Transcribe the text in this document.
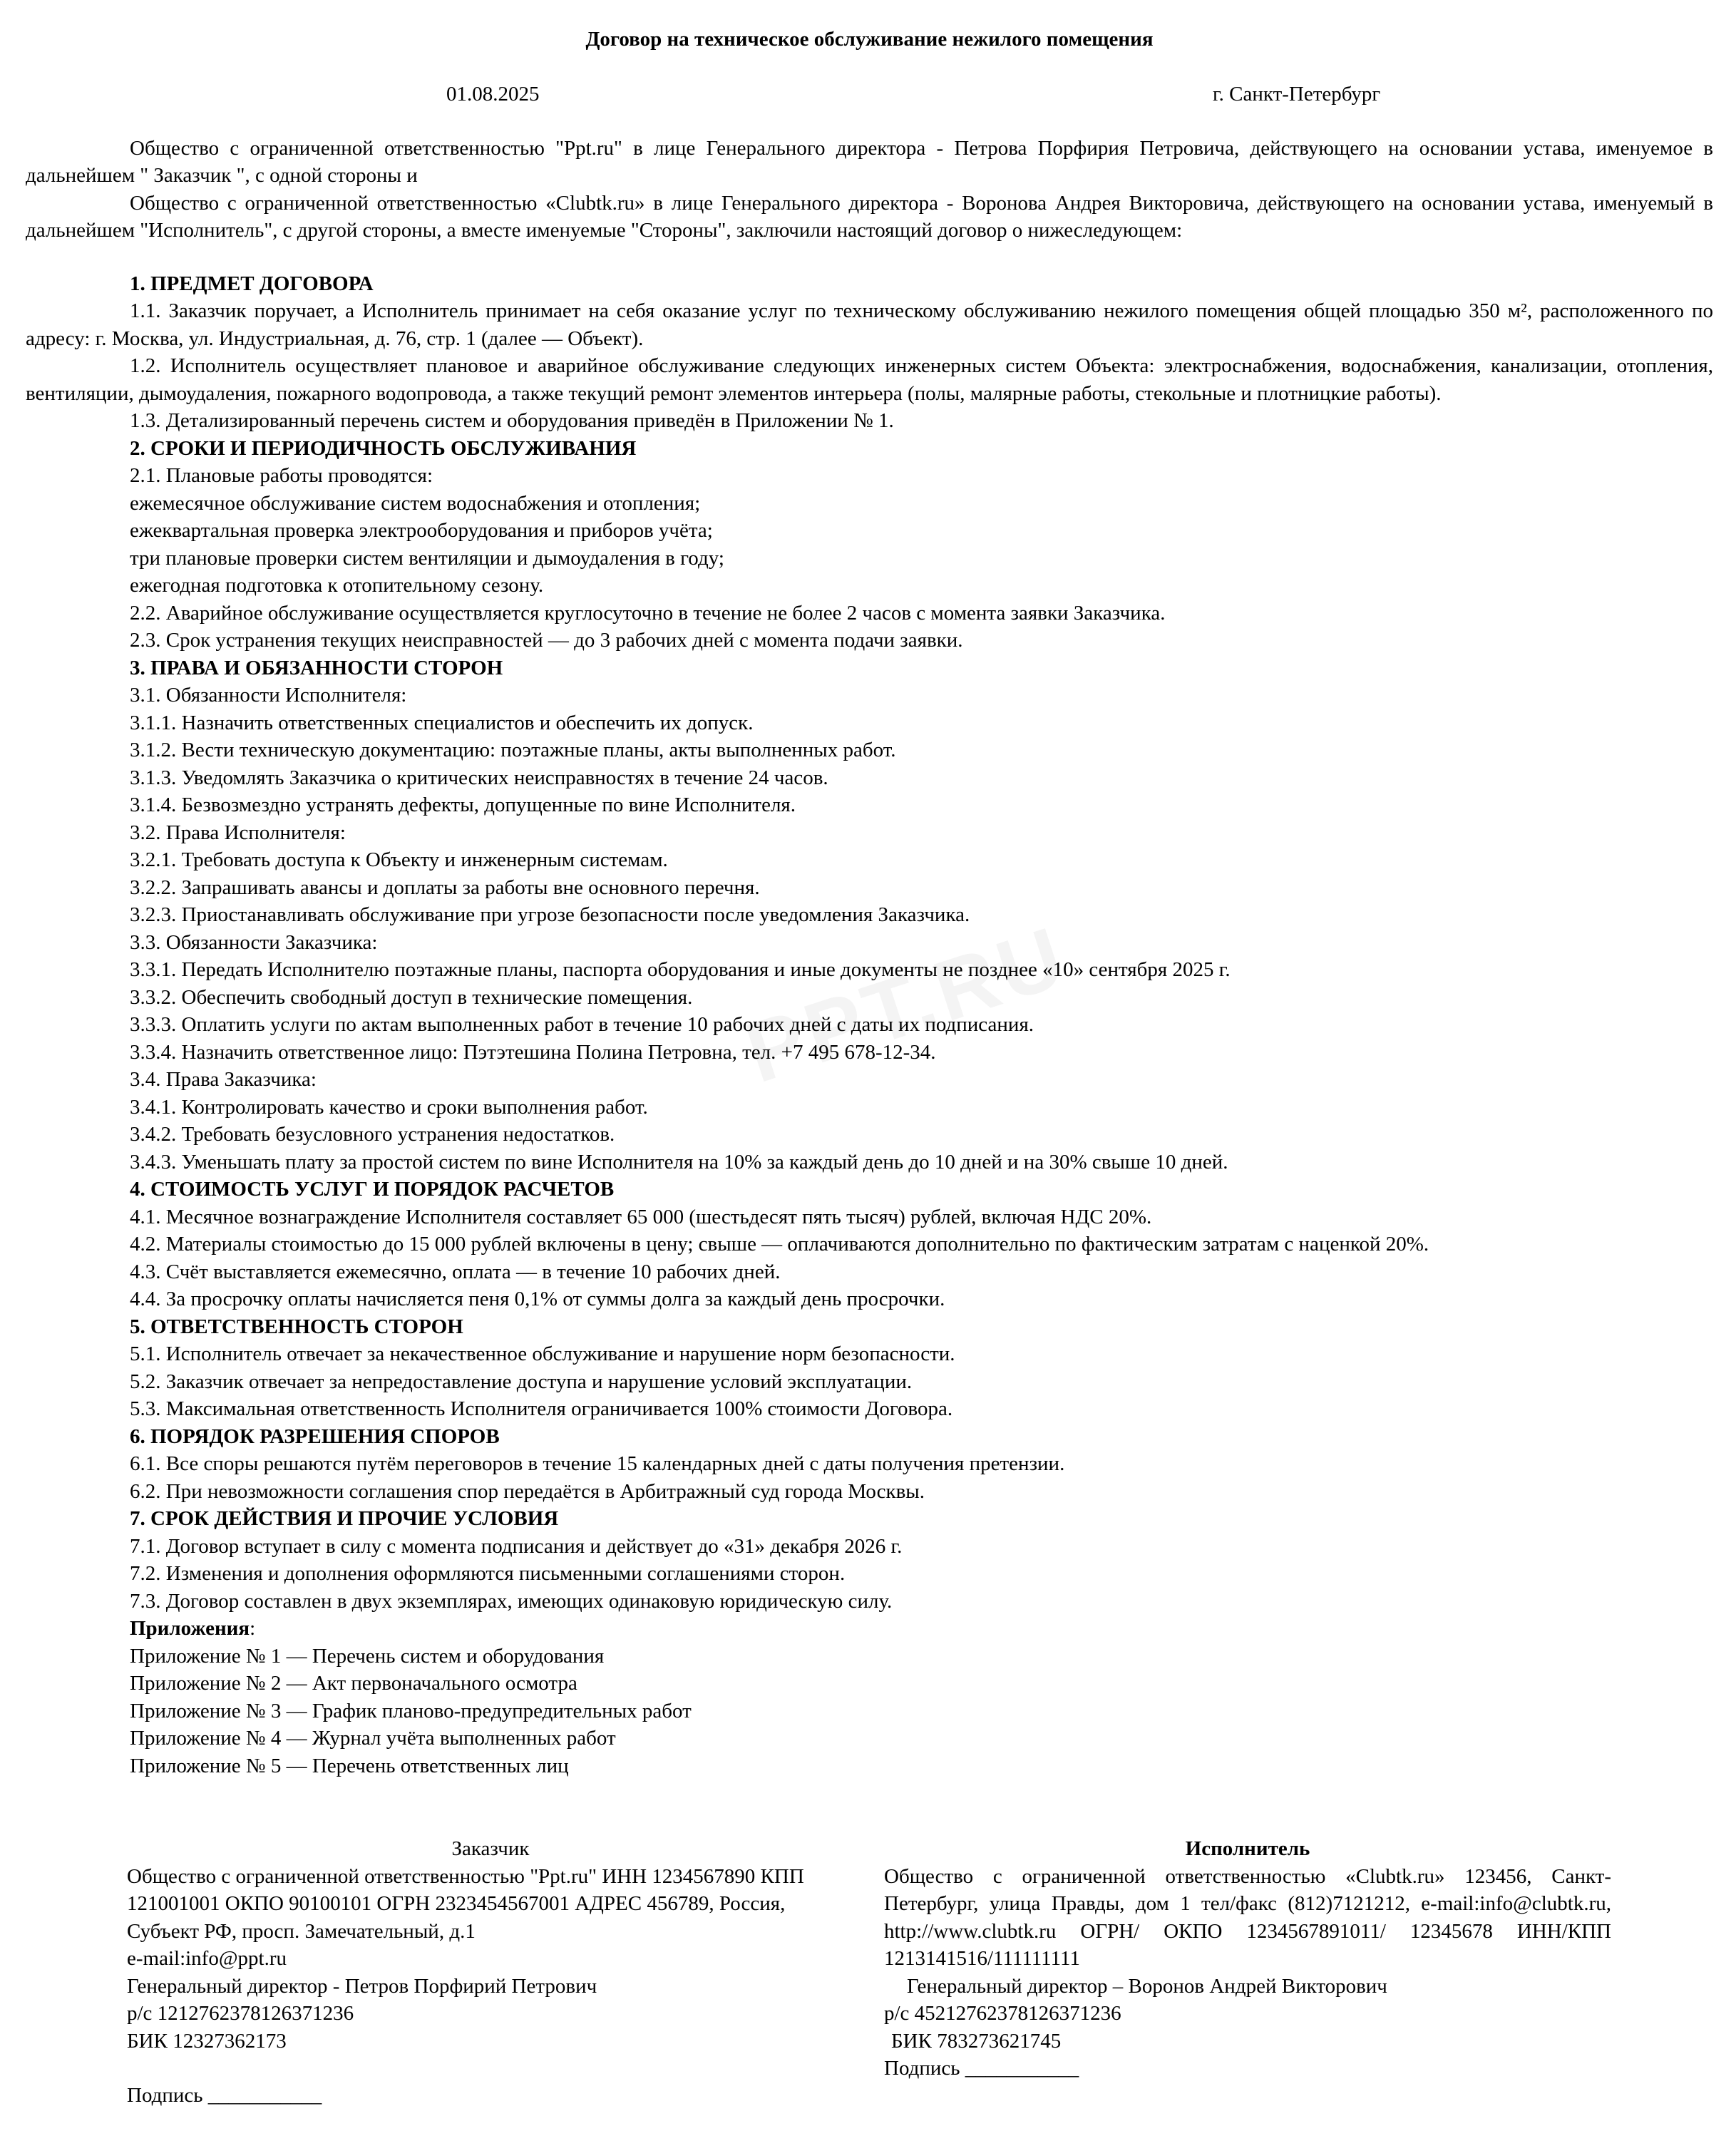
Договор на техническое обслуживание нежилого помещения

01.08.2025	г. Санкт-Петербург

Общество с ограниченной ответственностью "Ppt.ru" в лице Генерального директора - Петрова Порфирия Петровича, действующего на основании устава, именуемое в дальнейшем " Заказчик ", с одной стороны и

Общество с ограниченной ответственностью «Clubtk.ru» в лице Генерального директора - Воронова Андрея Викторовича, действующего на основании устава, именуемый в дальнейшем "Исполнитель", с другой стороны, а вместе именуемые "Стороны", заключили настоящий договор о нижеследующем:

1. ПРЕДМЕТ ДОГОВОРА

1.1. Заказчик поручает, а Исполнитель принимает на себя оказание услуг по техническому обслуживанию нежилого помещения общей площадью 350 м², расположенного по адресу: г. Москва, ул. Индустриальная, д. 76, стр. 1 (далее — Объект).

1.2. Исполнитель осуществляет плановое и аварийное обслуживание следующих инженерных систем Объекта: электроснабжения, водоснабжения, канализации, отопления, вентиляции, дымоудаления, пожарного водопровода, а также текущий ремонт элементов интерьера (полы, малярные работы, стекольные и плотницкие работы).

1.3. Детализированный перечень систем и оборудования приведён в Приложении № 1.

2. СРОКИ И ПЕРИОДИЧНОСТЬ ОБСЛУЖИВАНИЯ

2.1. Плановые работы проводятся:

ежемесячное обслуживание систем водоснабжения и отопления;

ежеквартальная проверка электрооборудования и приборов учёта;

три плановые проверки систем вентиляции и дымоудаления в году;

ежегодная подготовка к отопительному сезону.

2.2. Аварийное обслуживание осуществляется круглосуточно в течение не более 2 часов с момента заявки Заказчика.

2.3. Срок устранения текущих неисправностей — до 3 рабочих дней с момента подачи заявки.

3. ПРАВА И ОБЯЗАННОСТИ СТОРОН

3.1. Обязанности Исполнителя:

3.1.1. Назначить ответственных специалистов и обеспечить их допуск.

3.1.2. Вести техническую документацию: поэтажные планы, акты выполненных работ.

3.1.3. Уведомлять Заказчика о критических неисправностях в течение 24 часов.

3.1.4. Безвозмездно устранять дефекты, допущенные по вине Исполнителя.

3.2. Права Исполнителя:

3.2.1. Требовать доступа к Объекту и инженерным системам.

3.2.2. Запрашивать авансы и доплаты за работы вне основного перечня.

3.2.3. Приостанавливать обслуживание при угрозе безопасности после уведомления Заказчика.

3.3. Обязанности Заказчика:

3.3.1. Передать Исполнителю поэтажные планы, паспорта оборудования и иные документы не позднее «10» сентября 2025 г.

3.3.2. Обеспечить свободный доступ в технические помещения.

3.3.3. Оплатить услуги по актам выполненных работ в течение 10 рабочих дней с даты их подписания.

3.3.4. Назначить ответственное лицо: Пэтэтешина Полина Петровна, тел. +7 495 678-12-34.

3.4. Права Заказчика:

3.4.1. Контролировать качество и сроки выполнения работ.

3.4.2. Требовать безусловного устранения недостатков.

3.4.3. Уменьшать плату за простой систем по вине Исполнителя на 10% за каждый день до 10 дней и на 30% свыше 10 дней.

4. СТОИМОСТЬ УСЛУГ И ПОРЯДОК РАСЧЕТОВ

4.1. Месячное вознаграждение Исполнителя составляет 65 000 (шестьдесят пять тысяч) рублей, включая НДС 20%.

4.2. Материалы стоимостью до 15 000 рублей включены в цену; свыше — оплачиваются дополнительно по фактическим затратам с наценкой 20%.

4.3. Счёт выставляется ежемесячно, оплата — в течение 10 рабочих дней.

4.4. За просрочку оплаты начисляется пеня 0,1% от суммы долга за каждый день просрочки.

5. ОТВЕТСТВЕННОСТЬ СТОРОН

5.1. Исполнитель отвечает за некачественное обслуживание и нарушение норм безопасности.

5.2. Заказчик отвечает за непредоставление доступа и нарушение условий эксплуатации.

5.3. Максимальная ответственность Исполнителя ограничивается 100% стоимости Договора.

6. ПОРЯДОК РАЗРЕШЕНИЯ СПОРОВ

6.1. Все споры решаются путём переговоров в течение 15 календарных дней с даты получения претензии.

6.2. При невозможности соглашения спор передаётся в Арбитражный суд города Москвы.

7. СРОК ДЕЙСТВИЯ И ПРОЧИЕ УСЛОВИЯ

7.1. Договор вступает в силу с момента подписания и действует до «31» декабря 2026 г.

7.2. Изменения и дополнения оформляются письменными соглашениями сторон.

7.3. Договор составлен в двух экземплярах, имеющих одинаковую юридическую силу.

Приложения:

Приложение № 1 — Перечень систем и оборудования

Приложение № 2 — Акт первоначального осмотра

Приложение № 3 — График планово-предупредительных работ

Приложение № 4 — Журнал учёта выполненных работ

Приложение № 5 — Перечень ответственных лиц

Заказчик

Общество с ограниченной ответственностью "Ppt.ru" ИНН 1234567890 КПП 121001001 ОКПО 90100101 ОГРН 2323454567001 АДРЕС 456789, Россия, Субъект РФ, просп. Замечательный, д.1

e-mail:info@ppt.ru

Генеральный директор - Петров Порфирий Петрович

р/с 1212762378126371236

БИК 12327362173

Подпись ___________

Исполнитель

Общество с ограниченной ответственностью «Clubtk.ru» 123456, Санкт-Петербург, улица Правды, дом 1 тел/факс (812)7121212, e-mail:info@clubtk.ru, http://www.clubtk.ru ОГРН/ ОКПО 1234567891011/ 12345678 ИНН/КПП 1213141516/111111111

Генеральный директор – Воронов Андрей Викторович

р/с 45212762378126371236

БИК 783273621745

Подпись ___________
